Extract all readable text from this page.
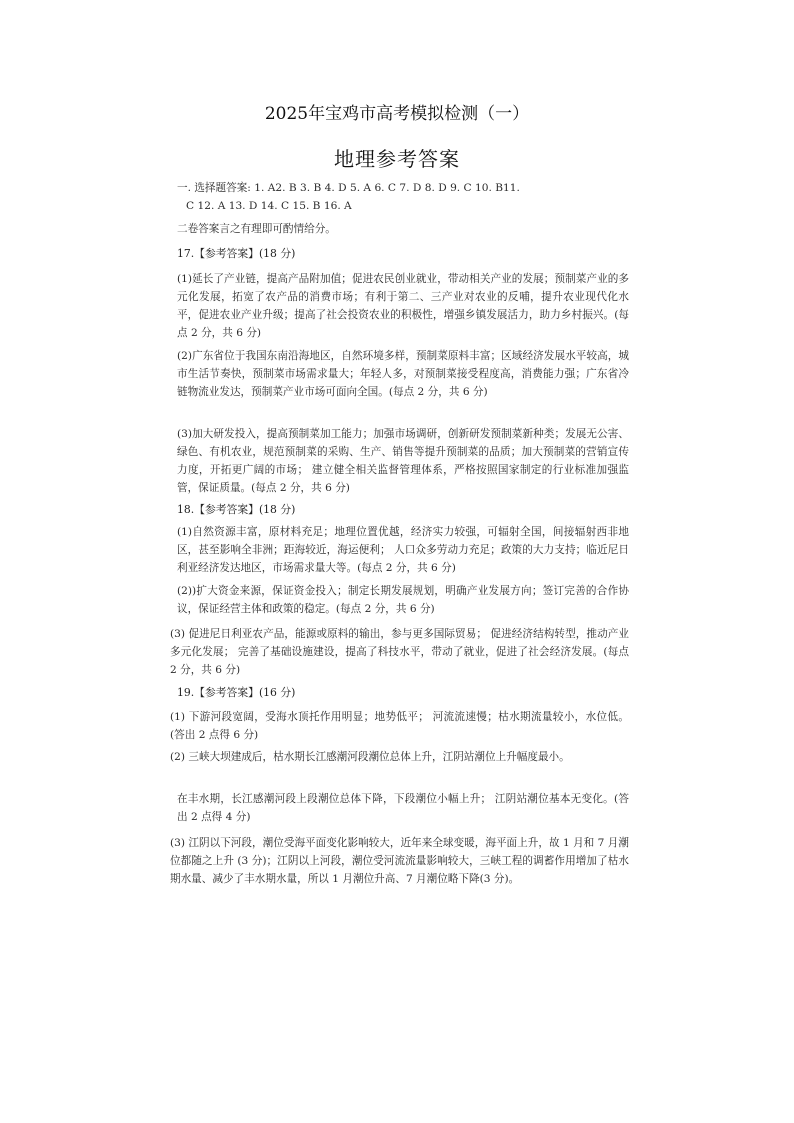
2025年宝鸡市高考模拟检测（一）
地理参考答案
一. 选择题答案: 1. A2. B 3. B 4. D 5. A 6. C 7. D 8. D 9. C 10. B11.
C 12. A 13. D 14. C 15. B 16. A
二卷答案言之有理即可酌情给分。
17.【参考答案】(18 分)
(1)延长了产业链，提高产品附加值；促进农民创业就业，带动相关产业的发展；预制菜产业的多元化发展，拓宽了农产品的消费市场；有利于第二、三产业对农业的反哺，提升农业现代化水平，促进农业产业升级；提高了社会投资农业的积极性，增强乡镇发展活力，助力乡村振兴。(每点 2 分，共 6 分)
(2)广东省位于我国东南沿海地区，自然环境多样，预制菜原料丰富；区域经济发展水平较高，城市生活节奏快，预制菜市场需求量大；年轻人多，对预制菜接受程度高，消费能力强；广东省冷链物流业发达，预制菜产业市场可面向全国。(每点 2 分，共 6 分)
(3)加大研发投入，提高预制菜加工能力；加强市场调研，创新研发预制菜新种类；发展无公害、绿色、有机农业，规范预制菜的采购、生产、销售等提升预制菜的品质；加大预制菜的营销宣传力度，开拓更广阔的市场； 建立健全相关监督管理体系，严格按照国家制定的行业标准加强监管，保证质量。(每点 2 分，共 6 分)
18.【参考答案】(18 分)
(1)自然资源丰富，原材料充足；地理位置优越，经济实力较强，可辐射全国，间接辐射西非地区，甚至影响全非洲；距海较近，海运便利； 人口众多劳动力充足；政策的大力支持；临近尼日利亚经济发达地区，市场需求量大等。(每点 2 分，共 6 分)
(2))扩大资金来源，保证资金投入；制定长期发展规划，明确产业发展方向；签订完善的合作协议，保证经营主体和政策的稳定。(每点 2 分，共 6 分)
(3) 促进尼日利亚农产品，能源或原料的输出，参与更多国际贸易； 促进经济结构转型，推动产业多元化发展； 完善了基础设施建设，提高了科技水平，带动了就业，促进了社会经济发展。(每点 2 分，共 6 分)
19.【参考答案】(16 分)
(1) 下游河段宽阔，受海水顶托作用明显；地势低平； 河流流速慢；枯水期流量较小，水位低。(答出 2 点得 6 分)
(2) 三峡大坝建成后，枯水期长江感潮河段潮位总体上升，江阴站潮位上升幅度最小。
在丰水期，长江感潮河段上段潮位总体下降，下段潮位小幅上升； 江阴站潮位基本无变化。(答出 2 点得 4 分)
(3) 江阴以下河段，潮位受海平面变化影响较大，近年来全球变暖，海平面上升，故 1 月和 7 月潮位都随之上升 (3 分)；江阴以上河段，潮位受河流流量影响较大，三峡工程的调蓄作用增加了枯水期水量、减少了丰水期水量，所以 1 月潮位升高、7 月潮位略下降(3 分)。
